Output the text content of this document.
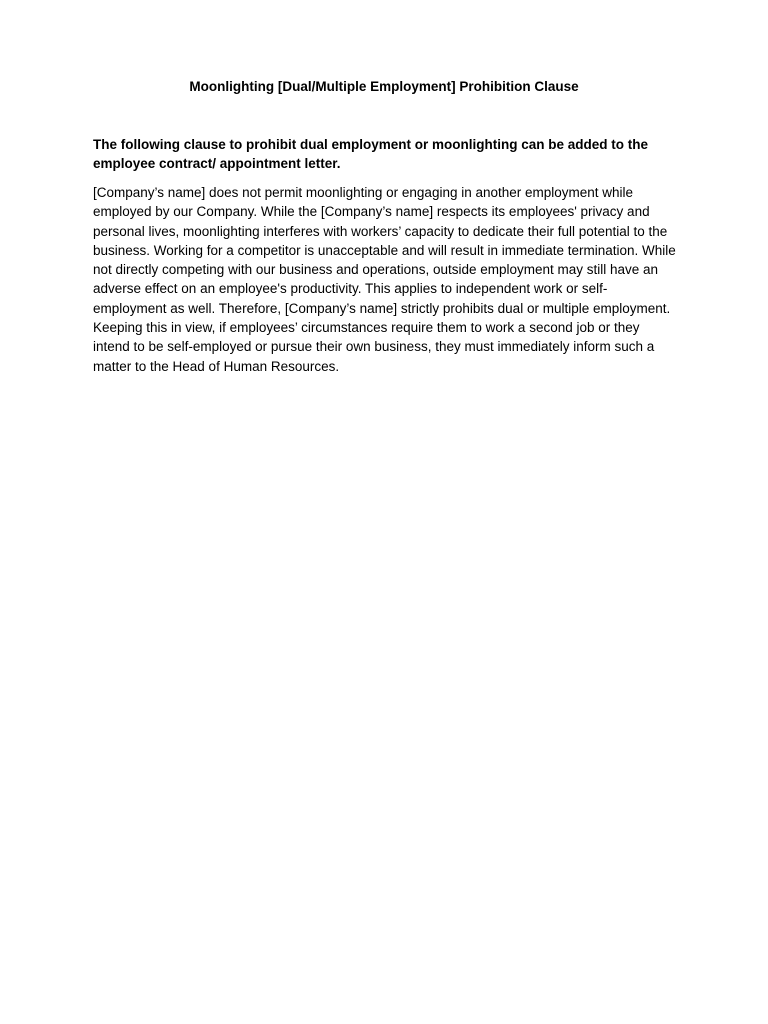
Moonlighting [Dual/Multiple Employment] Prohibition Clause

The following clause to prohibit dual employment or moonlighting can be added to the employee contract/ appointment letter.

[Company’s name] does not permit moonlighting or engaging in another employment while employed by our Company. While the [Company’s name] respects its employees' privacy and personal lives, moonlighting interferes with workers’ capacity to dedicate their full potential to the business. Working for a competitor is unacceptable and will result in immediate termination. While not directly competing with our business and operations, outside employment may still have an adverse effect on an employee's productivity. This applies to independent work or self-employment as well. Therefore, [Company’s name] strictly prohibits dual or multiple employment. Keeping this in view, if employees’ circumstances require them to work a second job or they intend to be self-employed or pursue their own business, they must immediately inform such a matter to the Head of Human Resources.
